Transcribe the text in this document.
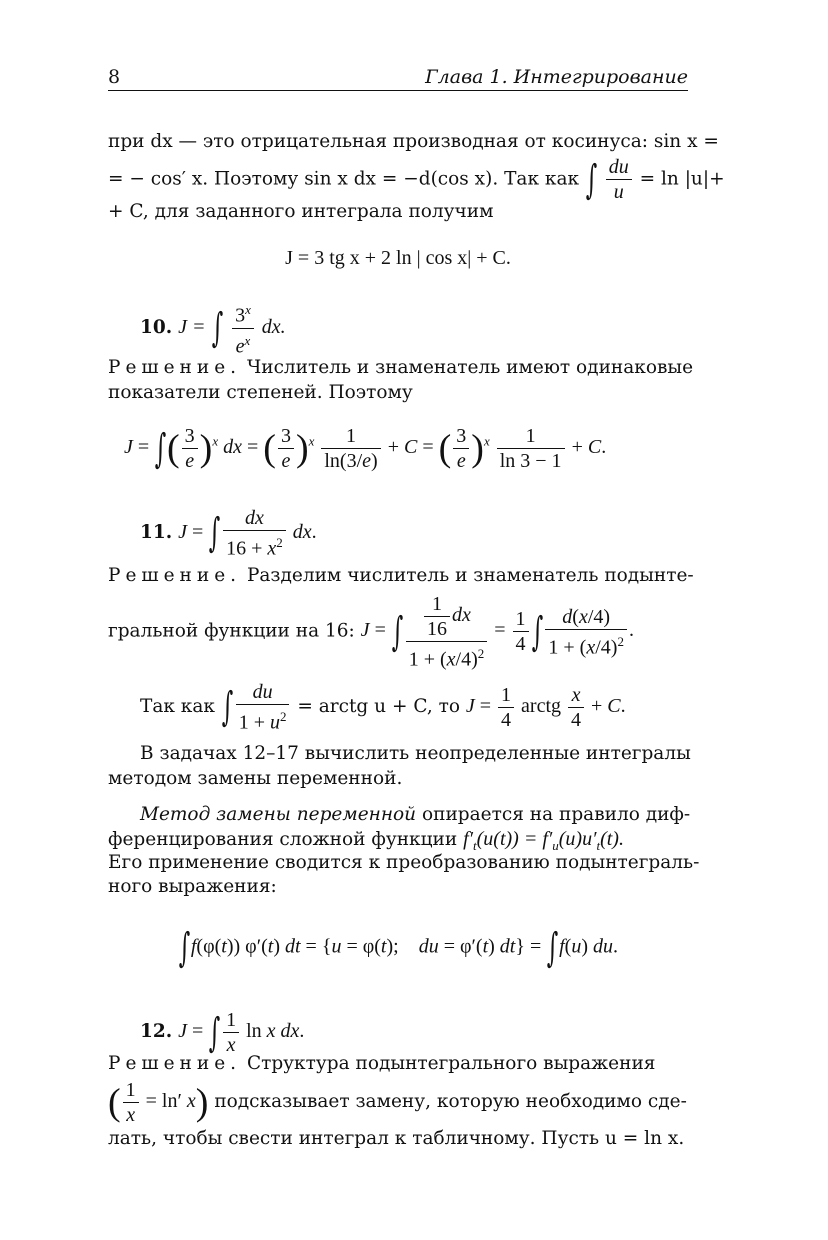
8	Глава 1. Интегрирование
при dx — это отрицательная производная от косинуса: sin x =
= − cos′ x. Поэтому sin x dx = −d(cos x). Так как ∫ $\frac{du}{u} = \ln |u|+$
+ C, для заданного интеграла получим
J = 3 tg x + 2 ln | cos x| + C.
10. J = ∫ $\frac{3^x}{e^x}$ dx.
Решение. Числитель и знаменатель имеют одинаковые
показатели степеней. Поэтому
J = ∫( $\frac{3}{e} )^x$ dx = ( $\frac{3}{e} )^x \frac{1}{\ln(3/e)} + C$ = ( $\frac{3}{e} )^x \frac{1}{\ln 3 - 1} + C$.
11. J = ∫ $\frac{dx}{16 + x^2}$ dx.
Решение. Разделим числитель и знаменатель подынте-
гральной функции на 16: J = ∫ $\frac{\frac{1}{16} dx}{1 + (x/4)^2} = \frac{1}{4}$ ∫ $\frac{d(x/4)}{1 + (x/4)^2}$ .
Так как ∫ $\frac{du}{1 + u^2}$ = arctg u + C, то $J = \frac{1}{4}$ arctg $\frac{x}{4} + C$.
В задачах 12–17 вычислить неопределенные интегралы
методом замены переменной.
Метод замены переменной опирается на правило диф-
ференцирования сложной функции $f'_t(u(t)) = f'_u(u)u'_t(t)$.
Его применение сводится к преобразованию подынтеграль-
ного выражения:
∫f(φ(t)) φ′(t) dt = {u = φ(t);    du = φ′(t) dt} = ∫f(u) du.
12. J = ∫ $\frac{1}{x}$ ln x dx.
Решение. Структура подынтегрального выражения
( $\frac{1}{x} = \ln'$ x) подсказывает замену, которую необходимо сде-
лать, чтобы свести интеграл к табличному. Пусть u = ln x.
